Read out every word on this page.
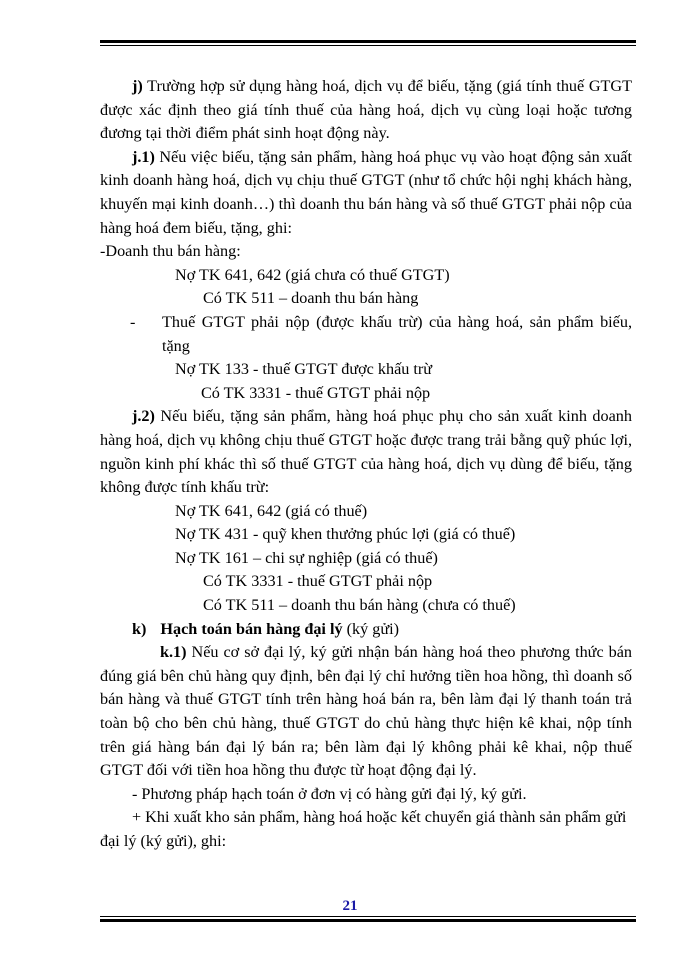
j) Trường hợp sử dụng hàng hoá, dịch vụ để biếu, tặng (giá tính thuế GTGT được xác định theo giá tính thuế của hàng hoá, dịch vụ cùng loại hoặc tương đương tại thời điểm phát sinh hoạt động này.

j.1) Nếu việc biếu, tặng sản phẩm, hàng hoá phục vụ vào hoạt động sản xuất kinh doanh hàng hoá, dịch vụ chịu thuế GTGT (như tổ chức hội nghị khách hàng, khuyến mại kinh doanh…) thì doanh thu bán hàng và số thuế GTGT phải nộp của hàng hoá đem biếu, tặng, ghi:

-Doanh thu bán hàng:

Nợ TK 641, 642 (giá chưa có thuế GTGT)

Có TK 511 – doanh thu bán hàng

- Thuế GTGT phải nộp (được khấu trừ) của hàng hoá, sản phẩm biếu, tặng

Nợ TK 133 - thuế GTGT được khấu trừ

Có TK 3331 - thuế GTGT phải nộp

j.2) Nếu biếu, tặng sản phẩm, hàng hoá phục phụ cho sản xuất kinh doanh hàng hoá, dịch vụ không chịu thuế GTGT hoặc được trang trải bằng quỹ phúc lợi, nguồn kinh phí khác thì số thuế GTGT của hàng hoá, dịch vụ dùng để biếu, tặng không được tính khấu trừ:

Nợ TK 641, 642 (giá có thuế)

Nợ TK 431 - quỹ khen thưởng phúc lợi (giá có thuế)

Nợ TK 161 – chi sự nghiệp (giá có thuế)

Có TK 3331 - thuế GTGT phải nộp

Có TK 511 – doanh thu bán hàng (chưa có thuế)

k) Hạch toán bán hàng đại lý (ký gửi)

k.1) Nếu cơ sở đại lý, ký gửi nhận bán hàng hoá theo phương thức bán đúng giá bên chủ hàng quy định, bên đại lý chỉ hưởng tiền hoa hồng, thì doanh số bán hàng và thuế GTGT tính trên hàng hoá bán ra, bên làm đại lý thanh toán trả toàn bộ cho bên chủ hàng, thuế GTGT do chủ hàng thực hiện kê khai, nộp tính trên giá hàng bán đại lý bán ra; bên làm đại lý không phải kê khai, nộp thuế GTGT đối với tiền hoa hồng thu được từ hoạt động đại lý.

- Phương pháp hạch toán ở đơn vị có hàng gửi đại lý, ký gửi.

+ Khi xuất kho sản phẩm, hàng hoá hoặc kết chuyển giá thành sản phẩm gửi đại lý (ký gửi), ghi:

21
